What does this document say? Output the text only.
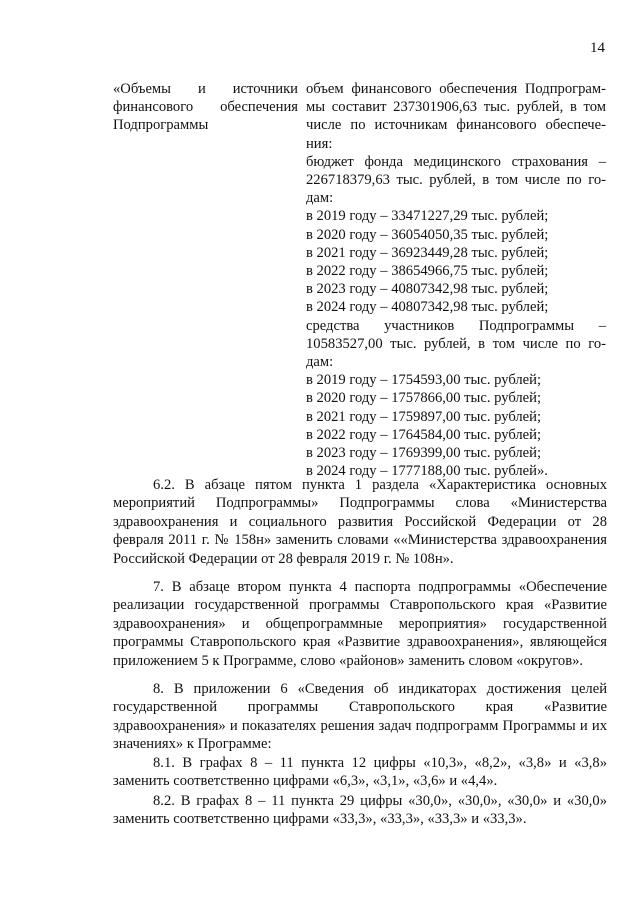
14
«Объемы и источники финансового обеспечения Подпрограммы
объем финансового обеспечения Подпрограм-
мы составит 237301906,63 тыс. рублей, в том
числе по источникам финансового обеспече-
ния:
бюджет фонда медицинского страхования –
226718379,63 тыс. рублей, в том числе по го-
дам:
в 2019 году – 33471227,29 тыс. рублей;
в 2020 году – 36054050,35 тыс. рублей;
в 2021 году – 36923449,28 тыс. рублей;
в 2022 году – 38654966,75 тыс. рублей;
в 2023 году – 40807342,98 тыс. рублей;
в 2024 году – 40807342,98 тыс. рублей;
средства участников Подпрограммы –
10583527,00 тыс. рублей, в том числе по го-
дам:
в 2019 году – 1754593,00 тыс. рублей;
в 2020 году – 1757866,00 тыс. рублей;
в 2021 году – 1759897,00 тыс. рублей;
в 2022 году – 1764584,00 тыс. рублей;
в 2023 году – 1769399,00 тыс. рублей;
в 2024 году – 1777188,00 тыс. рублей».
6.2. В абзаце пятом пункта 1 раздела «Характеристика основных мероприятий Подпрограммы» Подпрограммы слова «Министерства здравоохранения и социального развития Российской Федерации от 28 февраля 2011 г. № 158н» заменить словами ««Министерства здравоохранения Российской Федерации от 28 февраля 2019 г. № 108н».
7. В абзаце втором пункта 4 паспорта подпрограммы «Обеспечение реализации государственной программы Ставропольского края «Развитие здравоохранения» и общепрограммные мероприятия» государственной программы Ставропольского края «Развитие здравоохранения», являющейся приложением 5 к Программе, слово «районов» заменить словом «округов».
8. В приложении 6 «Сведения об индикаторах достижения целей государственной программы Ставропольского края «Развитие здравоохранения» и показателях решения задач подпрограмм Программы и их значениях» к Программе:
8.1. В графах 8 – 11 пункта 12 цифры «10,3», «8,2», «3,8» и «3,8» заменить соответственно цифрами «6,3», «3,1», «3,6» и «4,4».
8.2. В графах 8 – 11 пункта 29 цифры «30,0», «30,0», «30,0» и «30,0» заменить соответственно цифрами «33,3», «33,3», «33,3» и «33,3».
